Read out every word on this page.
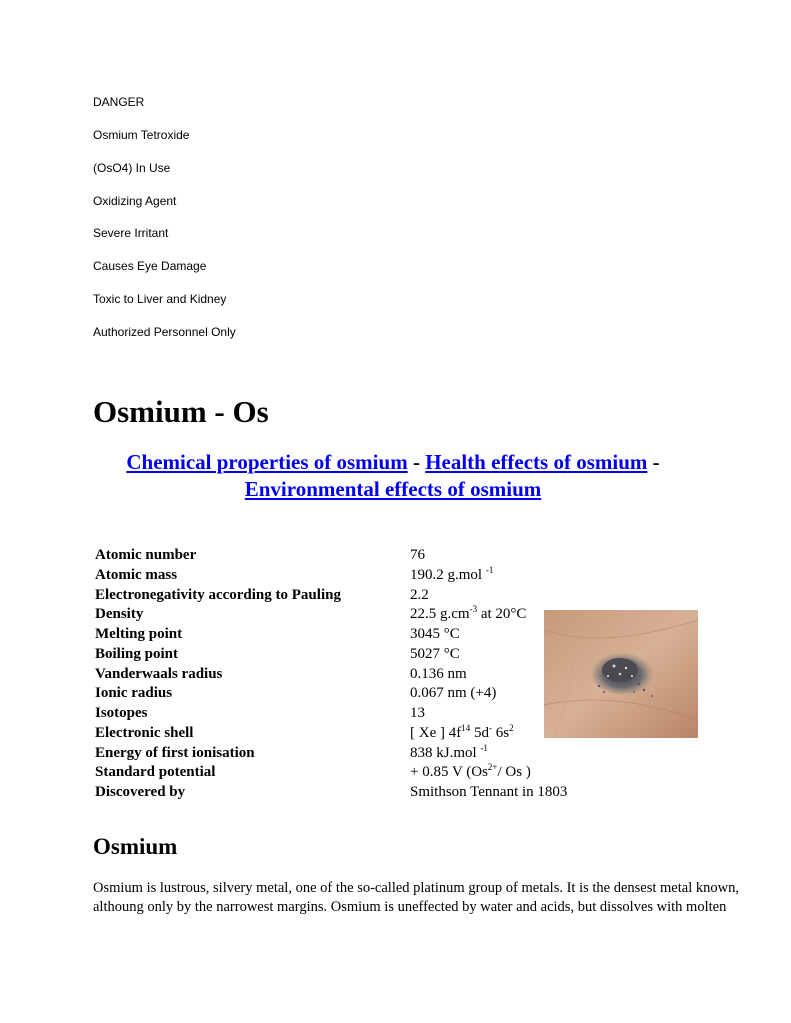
DANGER
Osmium Tetroxide
(OsO4) In Use
Oxidizing Agent
Severe Irritant
Causes Eye Damage
Toxic to Liver and Kidney
Authorized Personnel Only
Osmium - Os
Chemical properties of osmium - Health effects of osmium -
Environmental effects of osmium
Atomic number	76
Atomic mass	190.2 g.mol $^{-1}$
Electronegativity according to Pauling	2.2
Density	22.5 $g.cm^{-3}$ at 20°C
Melting point	3045 °C
Boiling point	5027 °C
Vanderwaals radius	0.136 nm
Ionic radius	0.067 nm (+4)
Isotopes	13
Electronic shell	[ Xe ] $4f^{14}$ 5d- $6s^2$
Energy of first ionisation	838 kJ.mol $^{-1}$
Standard potential	+ 0.85 V ($Os^{2+}/$ Os )
Discovered by	Smithson Tennant in 1803
Osmium

Osmium is lustrous, silvery metal, one of the so-called platinum group of metals. It is the densest metal known, althoung only by the narrowest margins. Osmium is uneffected by water and acids, but dissolves with molten
